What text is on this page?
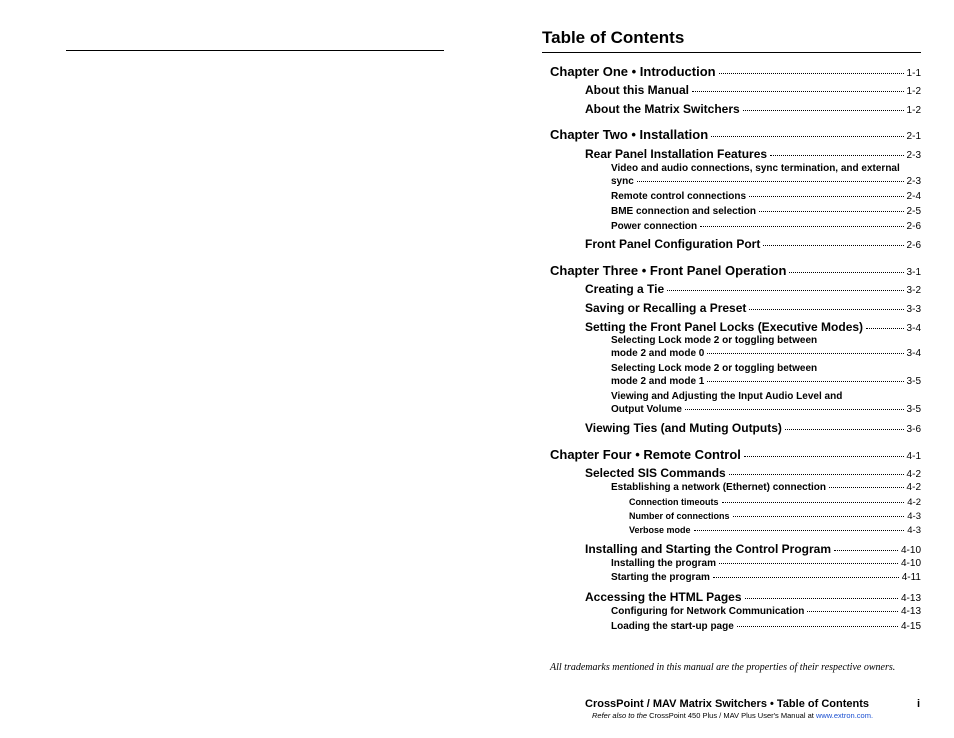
Table of Contents
Chapter One • Introduction	1-1
About this Manual	1-2
About the Matrix Switchers	1-2
Chapter Two • Installation	2-1
Rear Panel Installation Features	2-3
Video and audio connections, sync termination, and external
sync	2-3
Remote control connections	2-4
BME connection and selection	2-5
Power connection	2-6
Front Panel Configuration Port	2-6
Chapter Three • Front Panel Operation	3-1
Creating a Tie	3-2
Saving or Recalling a Preset	3-3
Setting the Front Panel Locks (Executive Modes)	3-4
Selecting Lock mode 2 or toggling between
mode 2 and mode 0	3-4
Selecting Lock mode 2 or toggling between
mode 2 and mode 1	3-5
Viewing and Adjusting the Input Audio Level and
Output Volume	3-5
Viewing Ties (and Muting Outputs)	3-6
Chapter Four • Remote Control	4-1
Selected SIS Commands	4-2
Establishing a network (Ethernet) connection	4-2
Connection timeouts	4-2
Number of connections	4-3
Verbose mode	4-3
Installing and Starting the Control Program	4-10
Installing the program	4-10
Starting the program	4-11
Accessing the HTML Pages	4-13
Configuring for Network Communication	4-13
Loading the start-up page	4-15
All trademarks mentioned in this manual are the properties of their respective owners.
CrossPoint / MAV Matrix Switchers • Table of Contents	i
Refer also to the CrossPoint 450 Plus / MAV Plus User's Manual at www.extron.com.
